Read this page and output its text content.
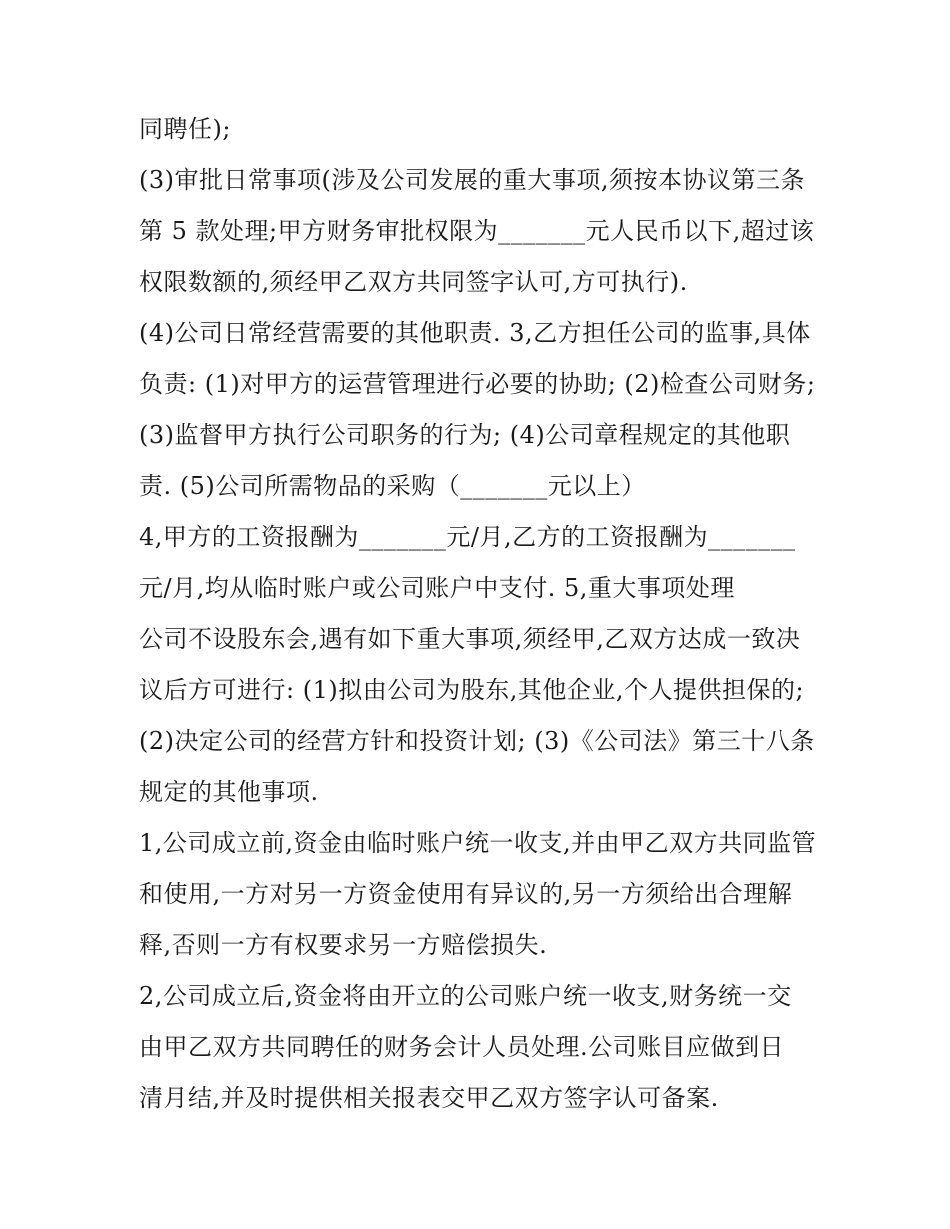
同聘任);
(3)审批日常事项(涉及公司发展的重大事项,须按本协议第三条
第 5 款处理;甲方财务审批权限为_______元人民币以下,超过该
权限数额的,须经甲乙双方共同签字认可,方可执行).
(4)公司日常经营需要的其他职责. 3,乙方担任公司的监事,具体
负责: (1)对甲方的运营管理进行必要的协助; (2)检查公司财务;
(3)监督甲方执行公司职务的行为; (4)公司章程规定的其他职
责. (5)公司所需物品的采购（_______元以上）
4,甲方的工资报酬为_______元/月,乙方的工资报酬为_______
元/月,均从临时账户或公司账户中支付. 5,重大事项处理
公司不设股东会,遇有如下重大事项,须经甲,乙双方达成一致决
议后方可进行: (1)拟由公司为股东,其他企业,个人提供担保的;
(2)决定公司的经营方针和投资计划; (3)《公司法》第三十八条
规定的其他事项.
1,公司成立前,资金由临时账户统一收支,并由甲乙双方共同监管
和使用,一方对另一方资金使用有异议的,另一方须给出合理解
释,否则一方有权要求另一方赔偿损失.
2,公司成立后,资金将由开立的公司账户统一收支,财务统一交
由甲乙双方共同聘任的财务会计人员处理.公司账目应做到日
清月结,并及时提供相关报表交甲乙双方签字认可备案.
